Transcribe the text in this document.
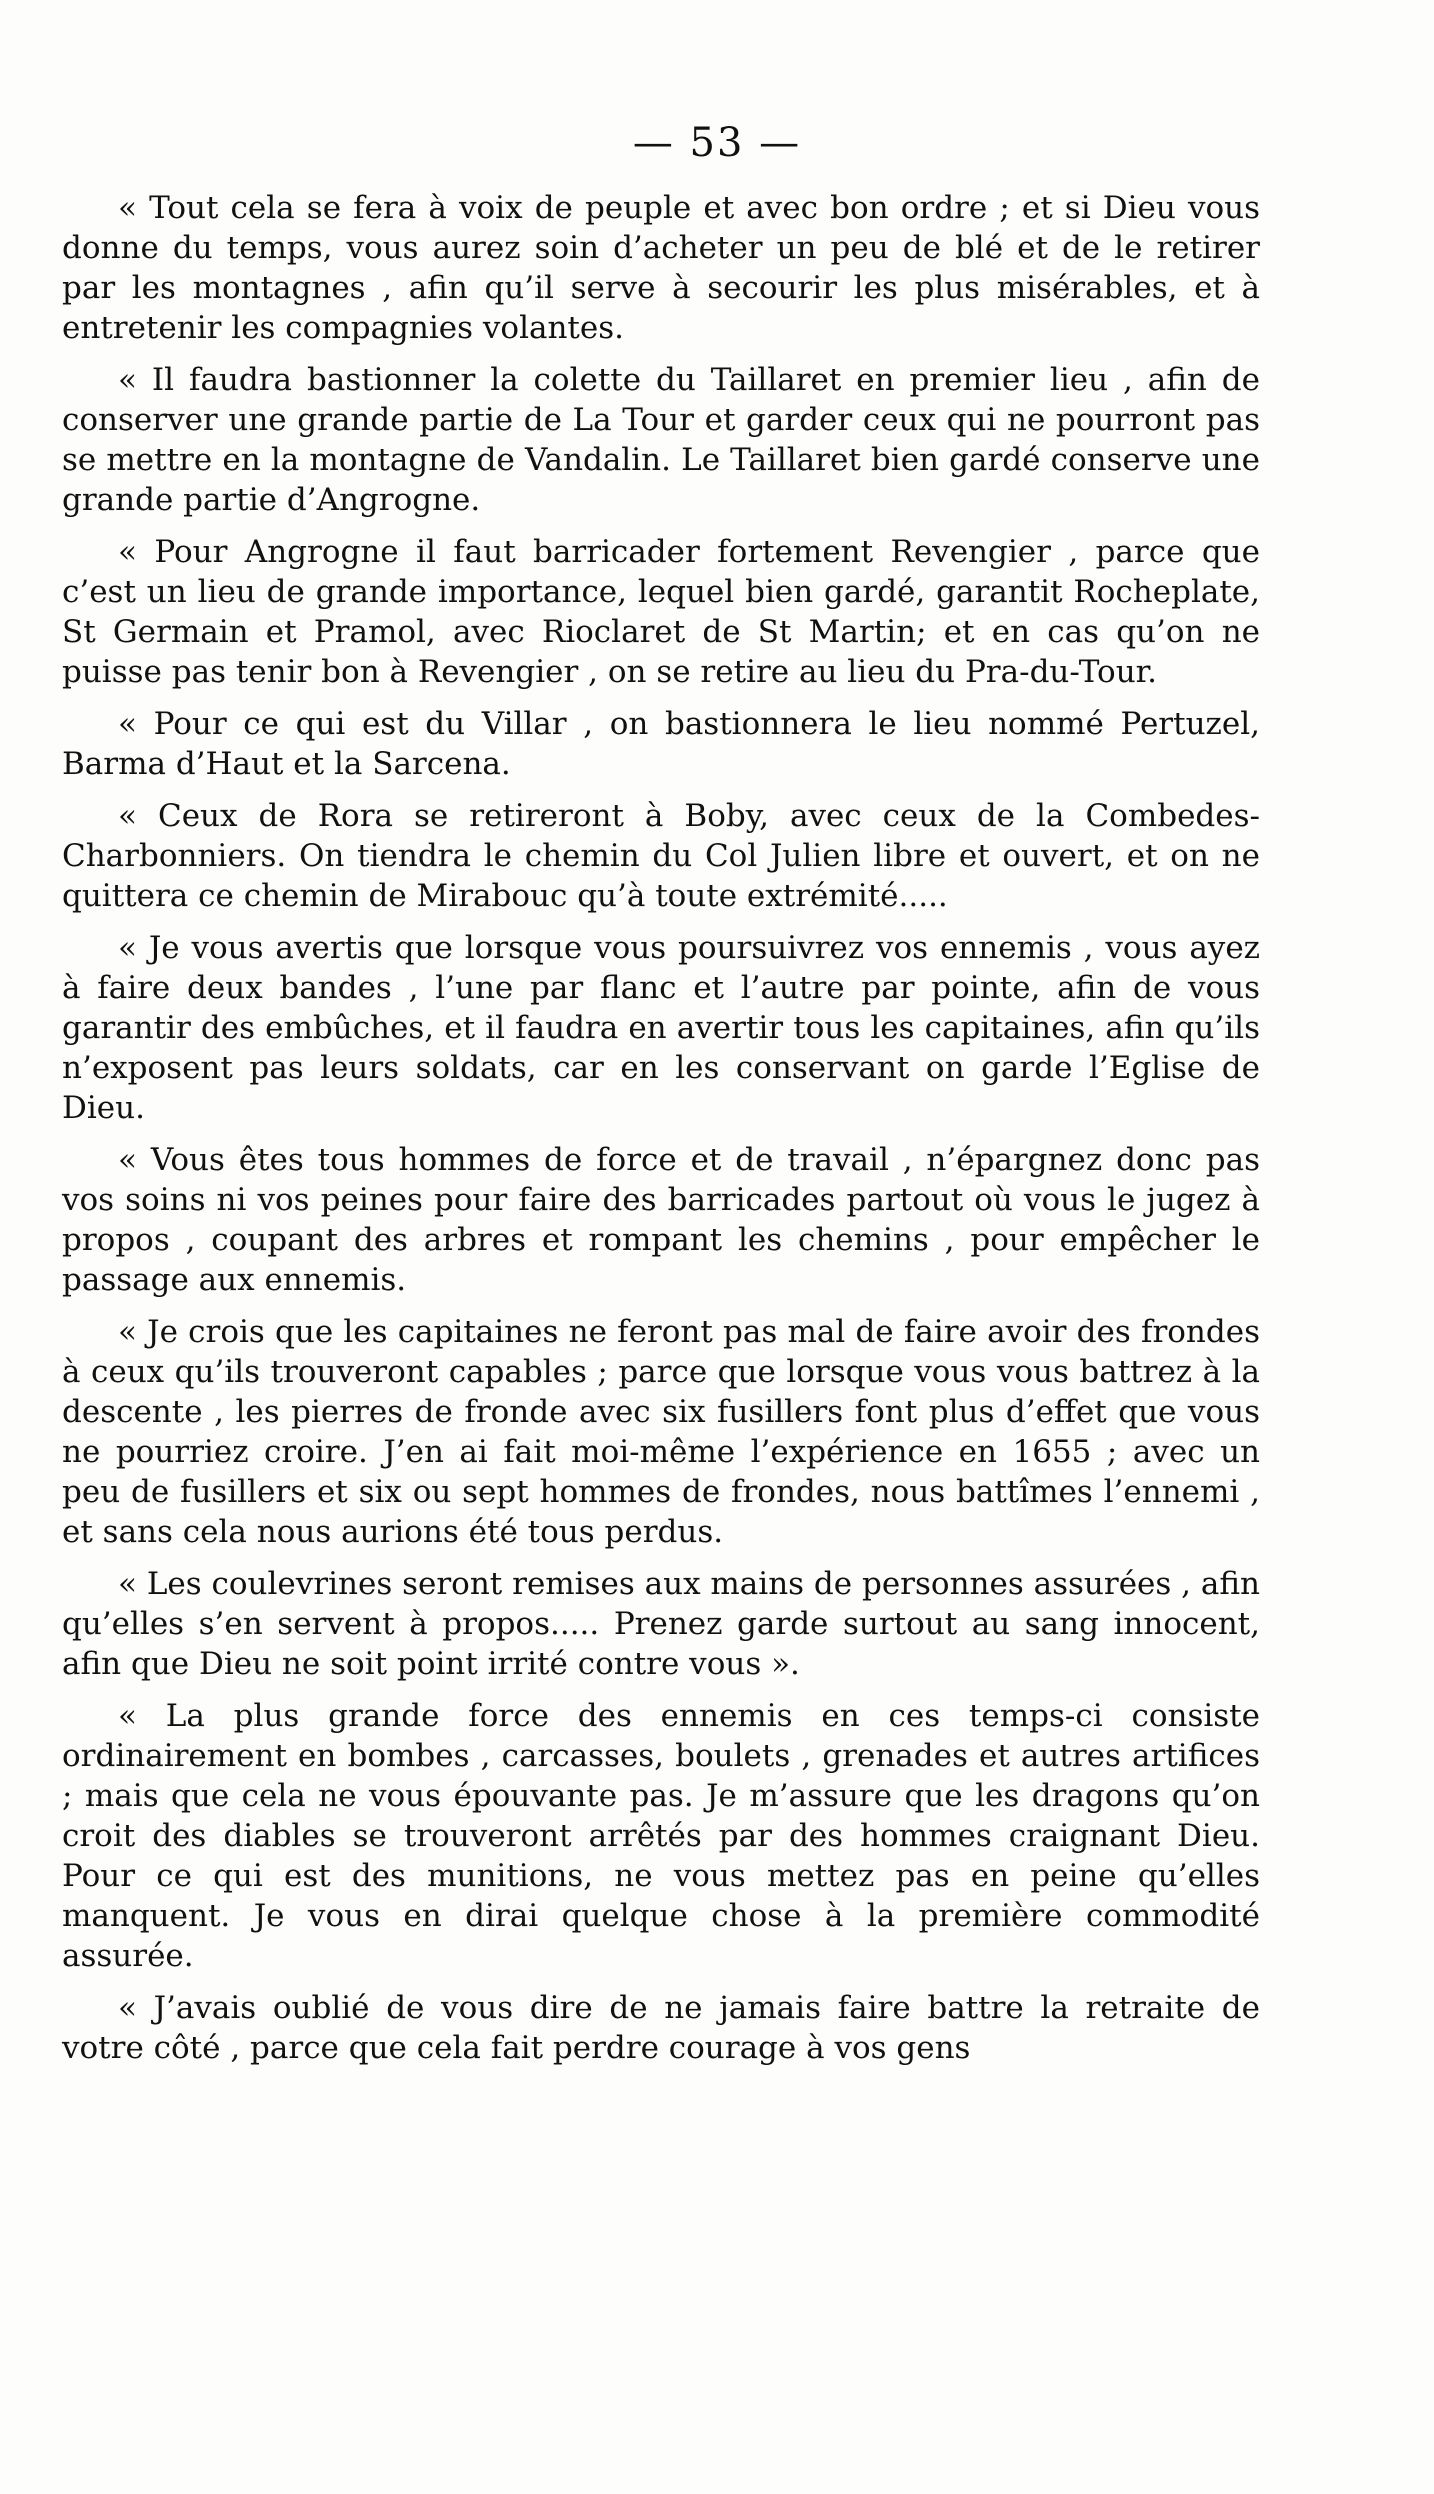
— 53 —

« Tout cela se fera à voix de peuple et avec bon ordre ; et si Dieu vous donne du temps, vous aurez soin d’acheter un peu de blé et de le retirer par les montagnes , afin qu’il serve à secourir les plus misérables, et à entretenir les compagnies volantes.

« Il faudra bastionner la colette du Taillaret en premier lieu , afin de conserver une grande partie de La Tour et garder ceux qui ne pourront pas se mettre en la montagne de Vandalin. Le Taillaret bien gardé conserve une grande partie d’Angrogne.

« Pour Angrogne il faut barricader fortement Revengier , parce que c’est un lieu de grande importance, lequel bien gardé, garantit Rocheplate, St Germain et Pramol, avec Rioclaret de St Martin; et en cas qu’on ne puisse pas tenir bon à Revengier , on se retire au lieu du Pra-du-Tour.

« Pour ce qui est du Villar , on bastionnera le lieu nommé Pertuzel, Barma d’Haut et la Sarcena.

« Ceux de Rora se retireront à Boby, avec ceux de la Combedes-Charbonniers. On tiendra le chemin du Col Julien libre et ouvert, et on ne quittera ce chemin de Mirabouc qu’à toute extrémité.....

« Je vous avertis que lorsque vous poursuivrez vos ennemis , vous ayez à faire deux bandes , l’une par flanc et l’autre par pointe, afin de vous garantir des embûches, et il faudra en avertir tous les capitaines, afin qu’ils n’exposent pas leurs soldats, car en les conservant on garde l’Eglise de Dieu.

« Vous êtes tous hommes de force et de travail , n’épargnez donc pas vos soins ni vos peines pour faire des barricades partout où vous le jugez à propos , coupant des arbres et rompant les chemins , pour empêcher le passage aux ennemis.

« Je crois que les capitaines ne feront pas mal de faire avoir des frondes à ceux qu’ils trouveront capables ; parce que lorsque vous vous battrez à la descente , les pierres de fronde avec six fusillers font plus d’effet que vous ne pourriez croire. J’en ai fait moi-même l’expérience en 1655 ; avec un peu de fusillers et six ou sept hommes de frondes, nous battîmes l’ennemi , et sans cela nous aurions été tous perdus.

« Les coulevrines seront remises aux mains de personnes assurées , afin qu’elles s’en servent à propos..... Prenez garde surtout au sang innocent, afin que Dieu ne soit point irrité contre vous ».

« La plus grande force des ennemis en ces temps-ci consiste ordinairement en bombes , carcasses, boulets , grenades et autres artifices ; mais que cela ne vous épouvante pas. Je m’assure que les dragons qu’on croit des diables se trouveront arrêtés par des hommes craignant Dieu. Pour ce qui est des munitions, ne vous mettez pas en peine qu’elles manquent. Je vous en dirai quelque chose à la première commodité assurée.

« J’avais oublié de vous dire de ne jamais faire battre la retraite de votre côté , parce que cela fait perdre courage à vos gens
